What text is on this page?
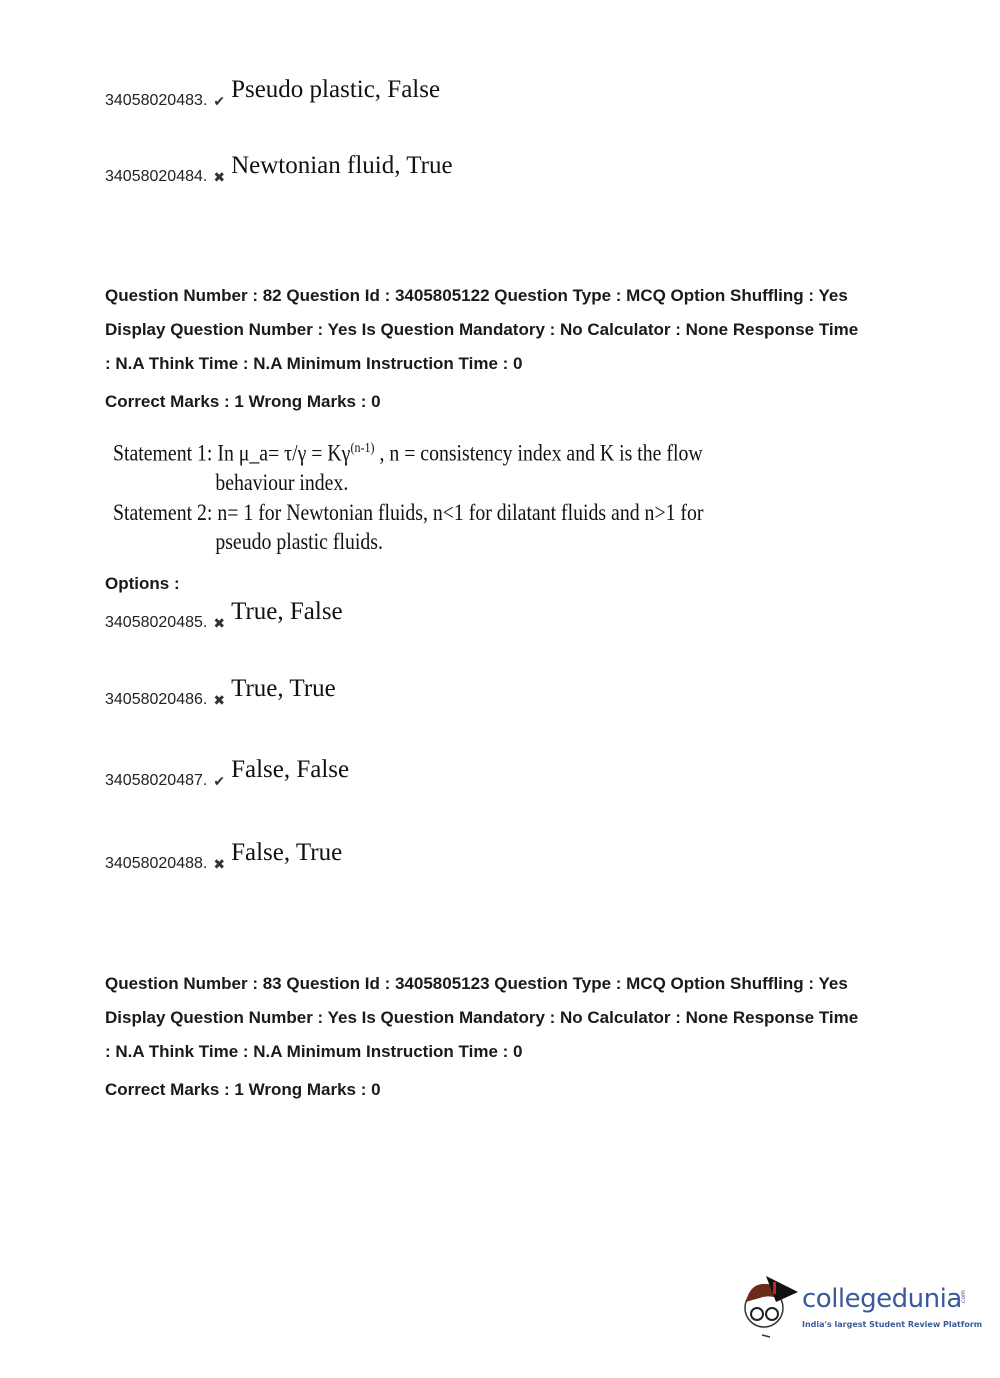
34058020483. ✔ Pseudo plastic, False
34058020484. ✖ Newtonian fluid, True
Question Number : 82 Question Id : 3405805122 Question Type : MCQ Option Shuffling : Yes
Display Question Number : Yes Is Question Mandatory : No Calculator : None Response Time
: N.A Think Time : N.A Minimum Instruction Time : 0
Correct Marks : 1 Wrong Marks : 0
Statement 1: In μ_a= $\tau/\gamma = K\gamma^{(n-1)}$ , n = consistency index and K is the flow
behaviour index.
Statement 2: n= 1 for Newtonian fluids, n<1 for dilatant fluids and n>1 for
pseudo plastic fluids.
Options :
34058020485. ✖ True, False
34058020486. ✖ True, True
34058020487. ✔ False, False
34058020488. ✖ False, True
Question Number : 83 Question Id : 3405805123 Question Type : MCQ Option Shuffling : Yes
Display Question Number : Yes Is Question Mandatory : No Calculator : None Response Time
: N.A Think Time : N.A Minimum Instruction Time : 0
Correct Marks : 1 Wrong Marks : 0
collegedunia
.com
India's largest Student Review Platform
